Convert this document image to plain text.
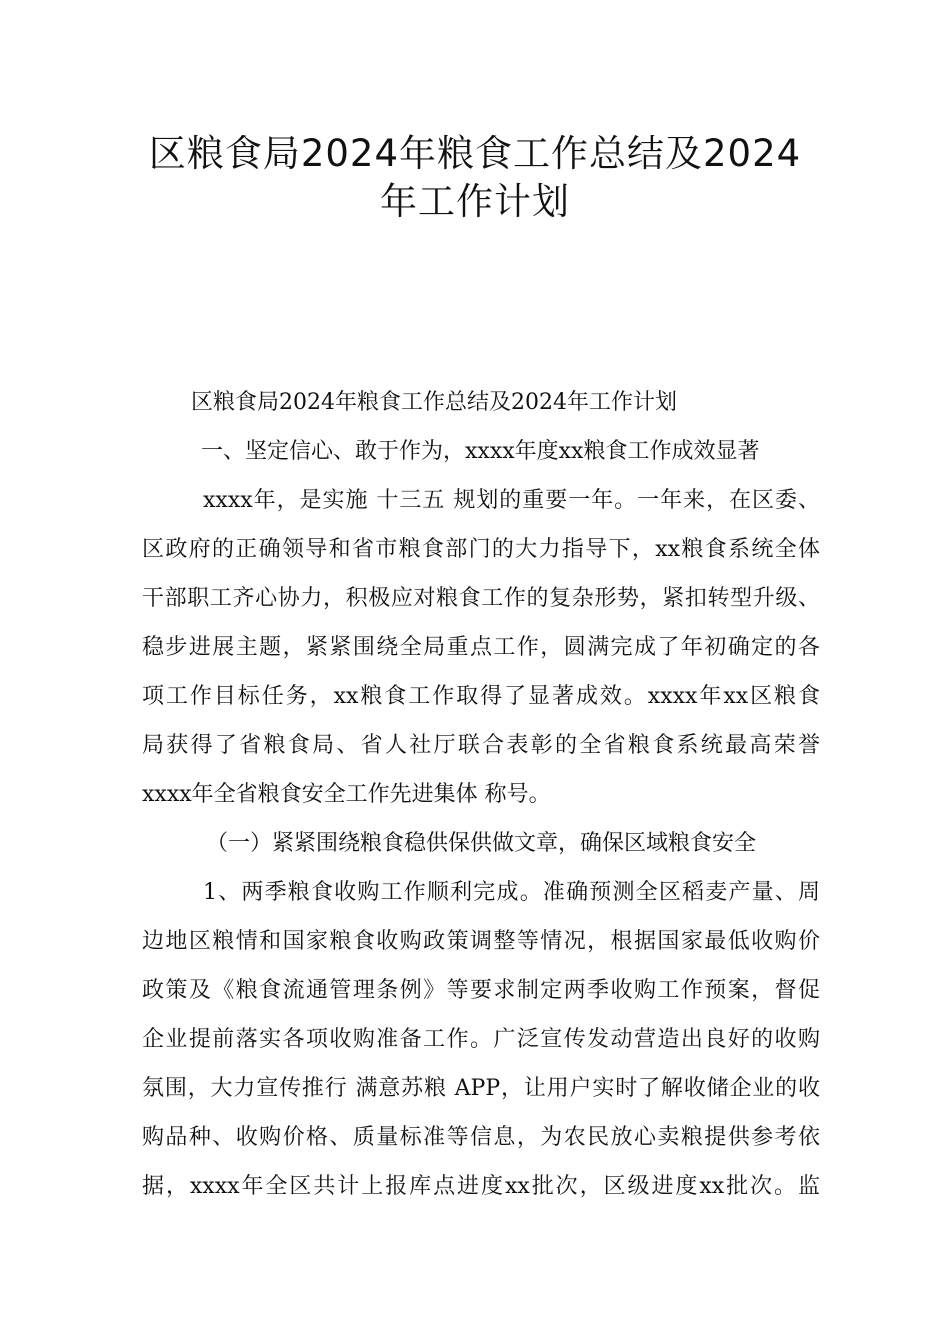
区粮食局2024年粮食工作总结及2024
年工作计划

区粮食局2024年粮食工作总结及2024年工作计划

一、坚定信心、敢于作为，xxxx年度xx粮食工作成效显著

xxxx年，是实施 十三五 规划的重要一年。一年来，在区委、

区政府的正确领导和省市粮食部门的大力指导下，xx粮食系统全体

干部职工齐心协力，积极应对粮食工作的复杂形势，紧扣转型升级、

稳步进展主题，紧紧围绕全局重点工作，圆满完成了年初确定的各

项工作目标任务，xx粮食工作取得了显著成效。xxxx年xx区粮食

局获得了省粮食局、省人社厅联合表彰的全省粮食系统最高荣誉

xxxx年全省粮食安全工作先进集体 称号。

（一）紧紧围绕粮食稳供保供做文章，确保区域粮食安全

1、两季粮食收购工作顺利完成。准确预测全区稻麦产量、周

边地区粮情和国家粮食收购政策调整等情况，根据国家最低收购价

政策及《粮食流通管理条例》等要求制定两季收购工作预案，督促

企业提前落实各项收购准备工作。广泛宣传发动营造出良好的收购

氛围，大力宣传推行 满意苏粮 APP，让用户实时了解收储企业的收

购品种、收购价格、质量标准等信息，为农民放心卖粮提供参考依

据，xxxx年全区共计上报库点进度xx批次，区级进度xx批次。监
